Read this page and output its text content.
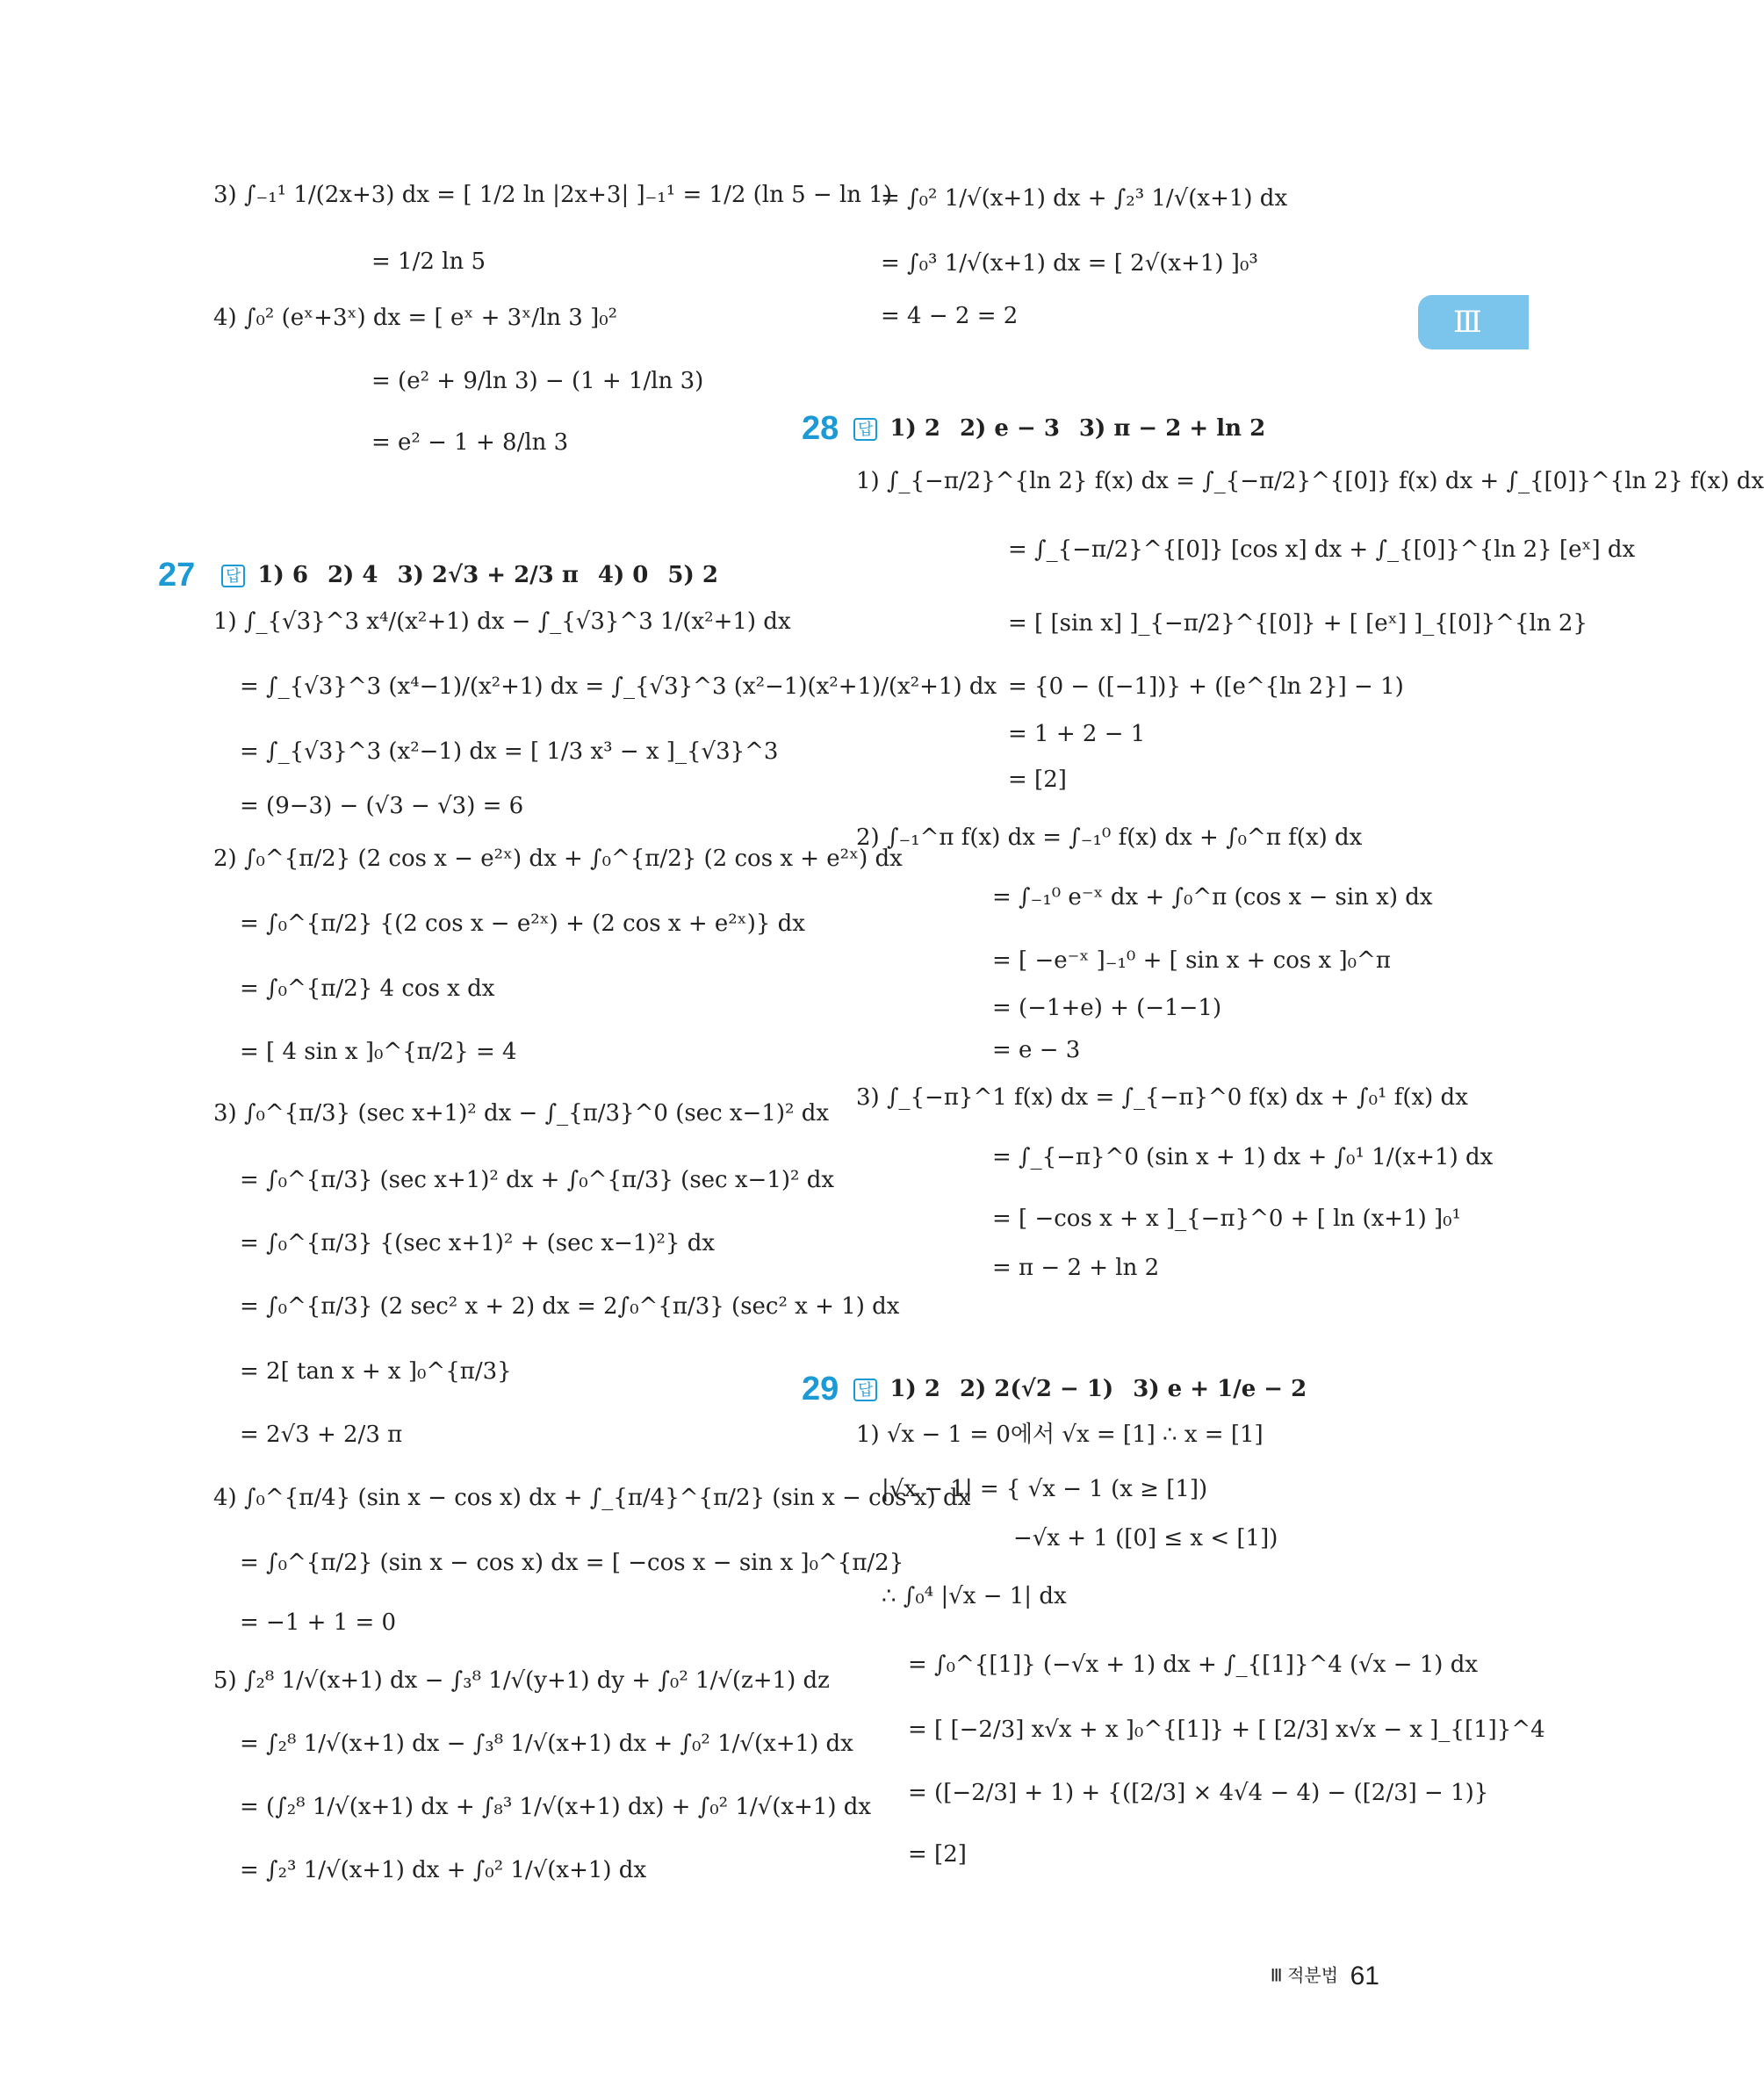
Ⅲ
3) ∫₋₁¹ 1/(2x+3) dx = [ 1/2 ln |2x+3| ]₋₁¹ = 1/2 (ln 5 − ln 1)
= 1/2 ln 5
4) ∫₀² (eˣ+3ˣ) dx = [ eˣ + 3ˣ/ln 3 ]₀²
= (e² + 9/ln 3) − (1 + 1/ln 3)
= e² − 1 + 8/ln 3
= ∫₀² 1/√(x+1) dx + ∫₂³ 1/√(x+1) dx
= ∫₀³ 1/√(x+1) dx = [ 2√(x+1) ]₀³
= 4 − 2 = 2
27 답 1) 6 2) 4 3) 2√3 + 2/3 π 4) 0 5) 2
1) ∫_{√3}^3 x⁴/(x²+1) dx − ∫_{√3}^3 1/(x²+1) dx
= ∫_{√3}^3 (x⁴−1)/(x²+1) dx = ∫_{√3}^3 (x²−1)(x²+1)/(x²+1) dx
= ∫_{√3}^3 (x²−1) dx = [ 1/3 x³ − x ]_{√3}^3
= (9−3) − (√3 − √3) = 6
2) ∫₀^{π/2} (2 cos x − e²ˣ) dx + ∫₀^{π/2} (2 cos x + e²ˣ) dx
= ∫₀^{π/2} {(2 cos x − e²ˣ) + (2 cos x + e²ˣ)} dx
= ∫₀^{π/2} 4 cos x dx
= [ 4 sin x ]₀^{π/2} = 4
3) ∫₀^{π/3} (sec x+1)² dx − ∫_{π/3}^0 (sec x−1)² dx
= ∫₀^{π/3} (sec x+1)² dx + ∫₀^{π/3} (sec x−1)² dx
= ∫₀^{π/3} {(sec x+1)² + (sec x−1)²} dx
= ∫₀^{π/3} (2 sec² x + 2) dx = 2∫₀^{π/3} (sec² x + 1) dx
= 2[ tan x + x ]₀^{π/3}
= 2√3 + 2/3 π
4) ∫₀^{π/4} (sin x − cos x) dx + ∫_{π/4}^{π/2} (sin x − cos x) dx
= ∫₀^{π/2} (sin x − cos x) dx = [ −cos x − sin x ]₀^{π/2}
= −1 + 1 = 0
5) ∫₂⁸ 1/√(x+1) dx − ∫₃⁸ 1/√(y+1) dy + ∫₀² 1/√(z+1) dz
= ∫₂⁸ 1/√(x+1) dx − ∫₃⁸ 1/√(x+1) dx + ∫₀² 1/√(x+1) dx
= (∫₂⁸ 1/√(x+1) dx + ∫₈³ 1/√(x+1) dx) + ∫₀² 1/√(x+1) dx
= ∫₂³ 1/√(x+1) dx + ∫₀² 1/√(x+1) dx
28 답 1) 2 2) e − 3 3) π − 2 + ln 2
1) ∫_{−π/2}^{ln 2} f(x) dx = ∫_{−π/2}^{[0]} f(x) dx + ∫_{[0]}^{ln 2} f(x) dx
= ∫_{−π/2}^{[0]} [cos x] dx + ∫_{[0]}^{ln 2} [eˣ] dx
= [ [sin x] ]_{−π/2}^{[0]} + [ [eˣ] ]_{[0]}^{ln 2}
= {0 − ([−1])} + ([e^{ln 2}] − 1)
= 1 + 2 − 1
= [2]
2) ∫₋₁^π f(x) dx = ∫₋₁⁰ f(x) dx + ∫₀^π f(x) dx
= ∫₋₁⁰ e⁻ˣ dx + ∫₀^π (cos x − sin x) dx
= [ −e⁻ˣ ]₋₁⁰ + [ sin x + cos x ]₀^π
= (−1+e) + (−1−1)
= e − 3
3) ∫_{−π}^1 f(x) dx = ∫_{−π}^0 f(x) dx + ∫₀¹ f(x) dx
= ∫_{−π}^0 (sin x + 1) dx + ∫₀¹ 1/(x+1) dx
= [ −cos x + x ]_{−π}^0 + [ ln (x+1) ]₀¹
= π − 2 + ln 2
29 답 1) 2 2) 2(√2 − 1) 3) e + 1/e − 2
1) √x − 1 = 0에서 √x = [1] ∴ x = [1]
|√x − 1| = { √x − 1 (x ≥ [1])
−√x + 1 ([0] ≤ x < [1])
∴ ∫₀⁴ |√x − 1| dx
= ∫₀^{[1]} (−√x + 1) dx + ∫_{[1]}^4 (√x − 1) dx
= [ [−2/3] x√x + x ]₀^{[1]} + [ [2/3] x√x − x ]_{[1]}^4
= ([−2/3] + 1) + {([2/3] × 4√4 − 4) − ([2/3] − 1)}
= [2]
Ⅲ 적분법 61
